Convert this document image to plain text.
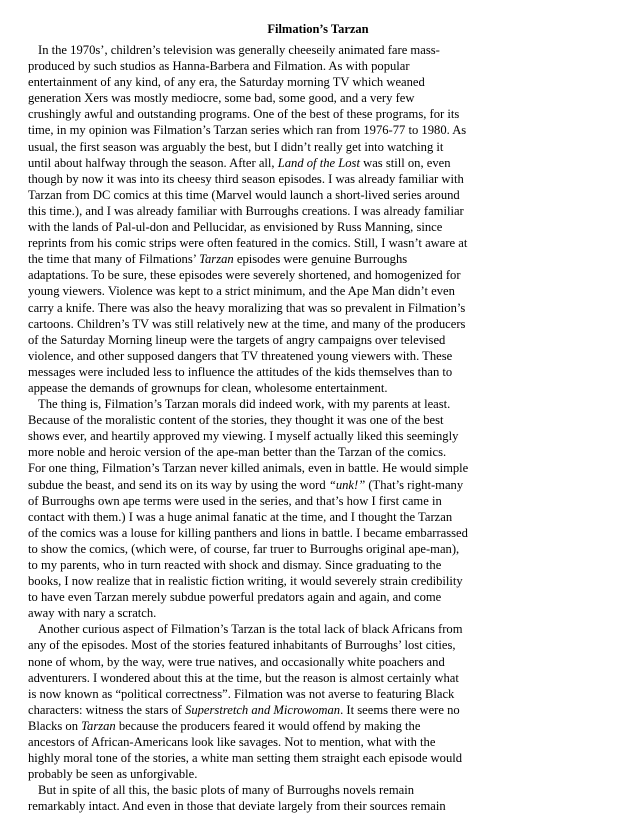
Filmation’s Tarzan
In the 1970s’, children’s television was generally cheeseily animated fare mass-
produced by such studios as Hanna-Barbera and Filmation. As with popular
entertainment of any kind, of any era, the Saturday morning TV which weaned
generation Xers was mostly mediocre, some bad, some good, and a very few
crushingly awful and outstanding programs. One of the best of these programs, for its
time, in my opinion was Filmation’s Tarzan series which ran from 1976-77 to 1980. As
usual, the first season was arguably the best, but I didn’t really get into watching it
until about halfway through the season. After all, Land of the Lost was still on, even
though by now it was into its cheesy third season episodes. I was already familiar with
Tarzan from DC comics at this time (Marvel would launch a short-lived series around
this time.), and I was already familiar with Burroughs creations. I was already familiar
with the lands of Pal-ul-don and Pellucidar, as envisioned by Russ Manning, since
reprints from his comic strips were often featured in the comics. Still, I wasn’t aware at
the time that many of Filmations’ Tarzan episodes were genuine Burroughs
adaptations. To be sure, these episodes were severely shortened, and homogenized for
young viewers. Violence was kept to a strict minimum, and the Ape Man didn’t even
carry a knife. There was also the heavy moralizing that was so prevalent in Filmation’s
cartoons. Children’s TV was still relatively new at the time, and many of the producers
of the Saturday Morning lineup were the targets of angry campaigns over televised
violence, and other supposed dangers that TV threatened young viewers with. These
messages were included less to influence the attitudes of the kids themselves than to
appease the demands of grownups for clean, wholesome entertainment.
The thing is, Filmation’s Tarzan morals did indeed work, with my parents at least.
Because of the moralistic content of the stories, they thought it was one of the best
shows ever, and heartily approved my viewing. I myself actually liked this seemingly
more noble and heroic version of the ape-man better than the Tarzan of the comics.
For one thing, Filmation’s Tarzan never killed animals, even in battle. He would simple
subdue the beast, and send its on its way by using the word “unk!” (That’s right-many
of Burroughs own ape terms were used in the series, and that’s how I first came in
contact with them.) I was a huge animal fanatic at the time, and I thought the Tarzan
of the comics was a louse for killing panthers and lions in battle. I became embarrassed
to show the comics, (which were, of course, far truer to Burroughs original ape-man),
to my parents, who in turn reacted with shock and dismay. Since graduating to the
books, I now realize that in realistic fiction writing, it would severely strain credibility
to have even Tarzan merely subdue powerful predators again and again, and come
away with nary a scratch.
Another curious aspect of Filmation’s Tarzan is the total lack of black Africans from
any of the episodes. Most of the stories featured inhabitants of Burroughs’ lost cities,
none of whom, by the way, were true natives, and occasionally white poachers and
adventurers. I wondered about this at the time, but the reason is almost certainly what
is now known as “political correctness”. Filmation was not averse to featuring Black
characters: witness the stars of Superstretch and Microwoman. It seems there were no
Blacks on Tarzan because the producers feared it would offend by making the
ancestors of African-Americans look like savages. Not to mention, what with the
highly moral tone of the stories, a white man setting them straight each episode would
probably be seen as unforgivable.
But in spite of all this, the basic plots of many of Burroughs novels remain
remarkably intact. And even in those that deviate largely from their sources remain
